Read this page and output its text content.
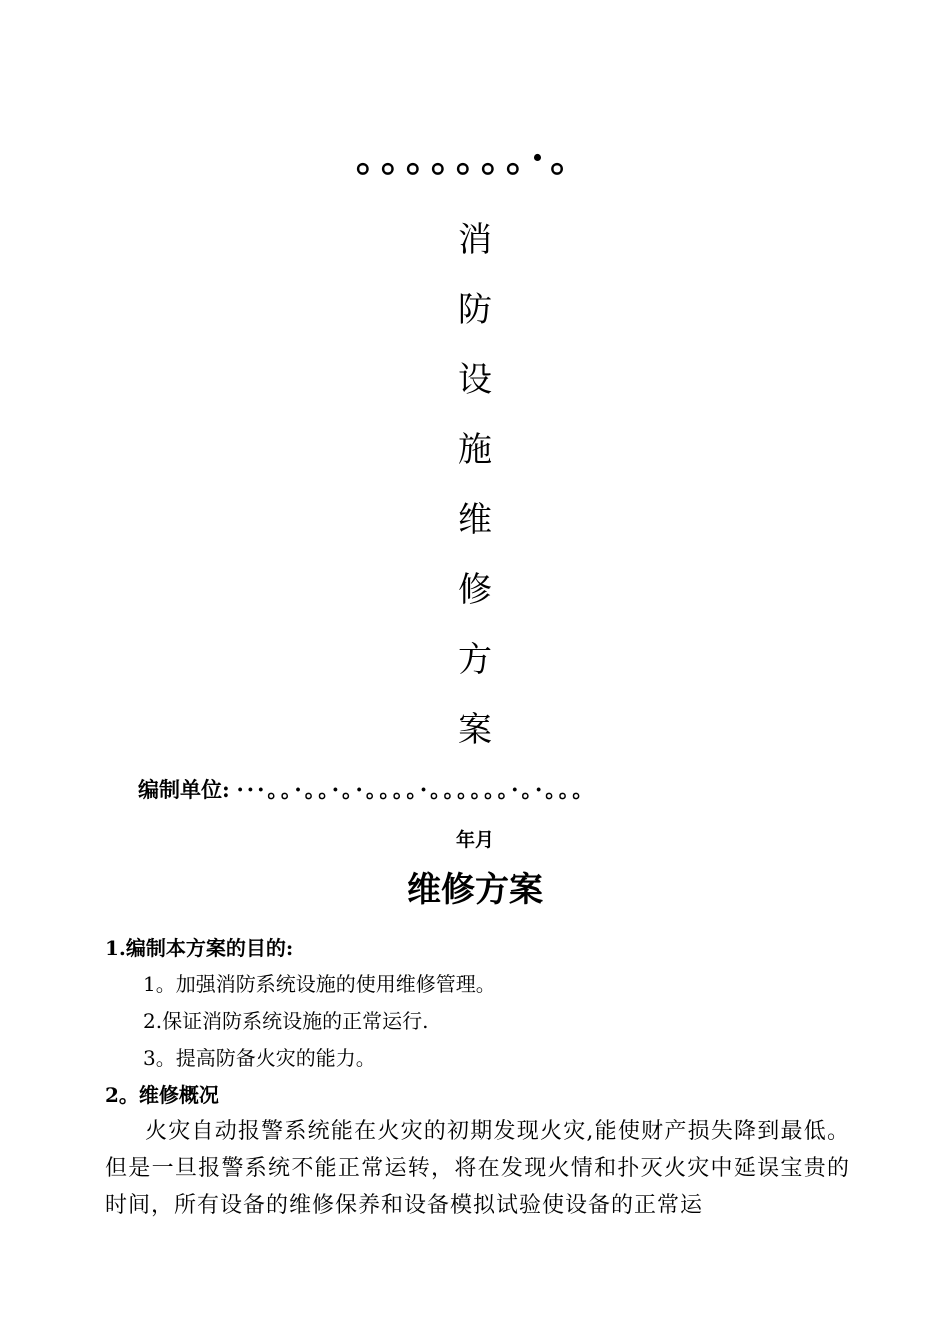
。。。。。。。·。
消
防
设
施
维
修
方
案
编制单位: ···。。·。。·。·。。。。·。。。。。。·。·。。。
年月
维修方案
1.编制本方案的目的:
1。加强消防系统设施的使用维修管理。
2.保证消防系统设施的正常运行.
3。提高防备火灾的能力。
2。维修概况

火灾自动报警系统能在火灾的初期发现火灾,能使财产损失降到最低。但是一旦报警系统不能正常运转，将在发现火情和扑灭火灾中延误宝贵的时间，所有设备的维修保养和设备模拟试验使设备的正常运
